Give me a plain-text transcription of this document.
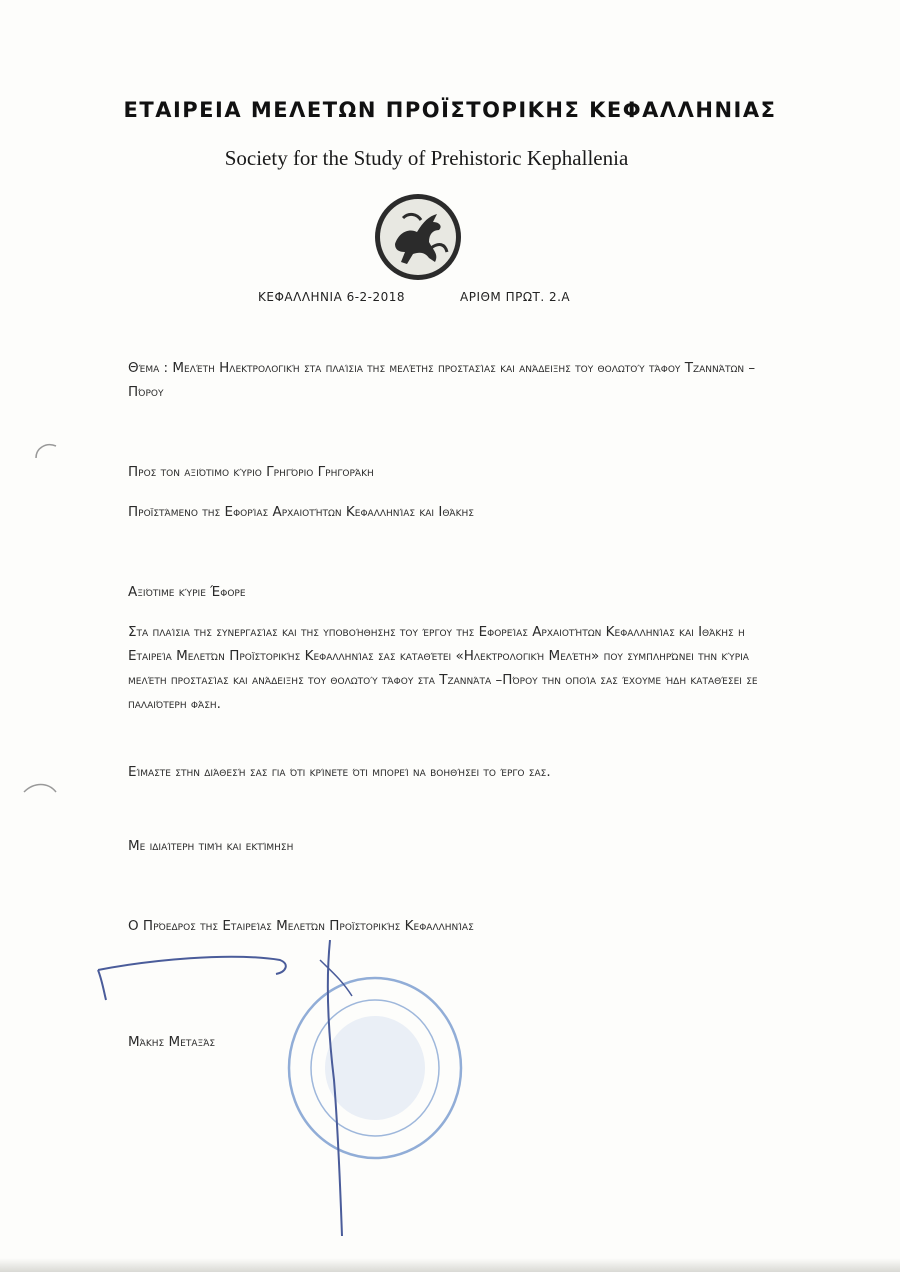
ΕΤΑΙΡΕΙΑ ΜΕΛΕΤΩΝ ΠΡΟΪΣΤΟΡΙΚΗΣ ΚΕΦΑΛΛΗΝΙΑΣ
Society for the Study of Prehistoric Kephallenia
ΚΕΦΑΛΛΗΝΙΑ 6-2-2018	ΑΡΙΘΜ ΠΡΩΤ. 2.Α
Θέμα : Μελέτη Ηλεκτρολογική στα πλαίσια της μελέτης προστασίας και ανάδειξης του θολωτού τάφου Τζαννάτων – Πόρου
Προς τον αξιότιμο κύριο Γρηγόριο Γρηγοράκη
Προϊστάμενο της Εφορίας Αρχαιοτήτων Κεφαλληνίας και Ιθάκης
Αξιότιμε κύριε Έφορε
Στα πλαίσια της συνεργασίας και της υποβοήθησης του έργου της Εφορείας Αρχαιοτήτων Κεφαλληνίας και Ιθάκης η Εταιρεία Μελετών Προϊστορικής Κεφαλληνίας σας καταθέτει «Ηλεκτρολογική Μελέτη» που συμπληρώνει την κύρια μελέτη προστασίας και ανάδειξης του θολωτού τάφου στα Τζαννάτα –Πόρου την οποία σας έχουμε ήδη καταθέσει σε παλαιότερη φάση.
Είμαστε στην διάθεσή σας για ότι κρίνετε ότι μπορεί να βοηθήσει το έργο σας.
Με ιδιαίτερη τιμή και εκτίμηση
Ο Πρόεδρος της Εταιρείας Μελετών Προϊστορικής Κεφαλληνίας
Μάκης Μεταξάς
